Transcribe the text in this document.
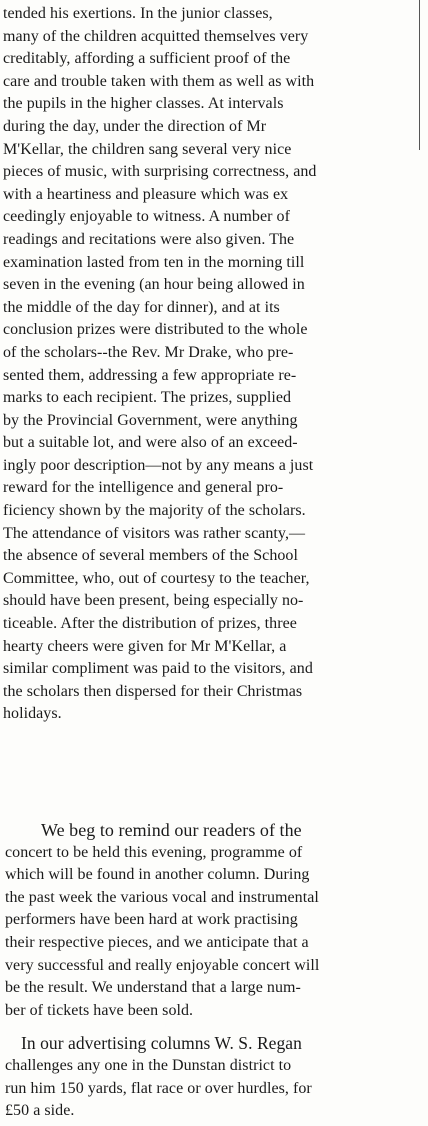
tended his exertions. In the junior classes,
many of the children acquitted themselves very
creditably, affording a sufficient proof of the
care and trouble taken with them as well as with
the pupils in the higher classes. At intervals
during the day, under the direction of Mr
M'Kellar, the children sang several very nice
pieces of music, with surprising correctness, and
with a heartiness and pleasure which was ex
ceedingly enjoyable to witness. A number of
readings and recitations were also given. The
examination lasted from ten in the morning till
seven in the evening (an hour being allowed in
the middle of the day for dinner), and at its
conclusion prizes were distributed to the whole
of the scholars--the Rev. Mr Drake, who pre-
sented them, addressing a few appropriate re-
marks to each recipient. The prizes, supplied
by the Provincial Government, were anything
but a suitable lot, and were also of an exceed-
ingly poor description—not by any means a just
reward for the intelligence and general pro-
ficiency shown by the majority of the scholars.
The attendance of visitors was rather scanty,—
the absence of several members of the School
Committee, who, out of courtesy to the teacher,
should have been present, being especially no-
ticeable. After the distribution of prizes, three
hearty cheers were given for Mr M'Kellar, a
similar compliment was paid to the visitors, and
the scholars then dispersed for their Christmas
holidays.
We beg to remind our readers of the
concert to be held this evening, programme of
which will be found in another column. During
the past week the various vocal and instrumental
performers have been hard at work practising
their respective pieces, and we anticipate that a
very successful and really enjoyable concert will
be the result. We understand that a large num-
ber of tickets have been sold.
In our advertising columns W. S. Regan
challenges any one in the Dunstan district to
run him 150 yards, flat race or over hurdles, for
£50 a side.
